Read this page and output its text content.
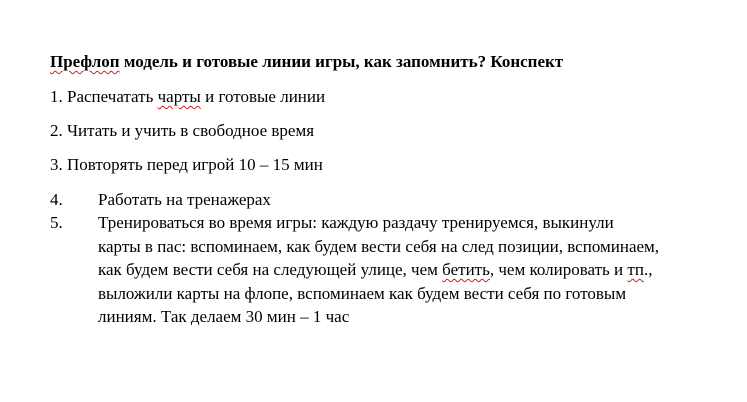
Префлоп модель и готовые линии игры, как запомнить? Конспект
1. Распечатать чарты и готовые линии
2. Читать и учить в свободное время
3. Повторять перед игрой 10 – 15 мин
4.	Работать на тренажерах
5.	Тренироваться во время игры: каждую раздачу тренируемся, выкинули
карты в пас: вспоминаем, как будем вести себя на след позиции, вспоминаем,
как будем вести себя на следующей улице, чем бетить, чем колировать и тп.,
выложили карты на флопе, вспоминаем как будем вести себя по готовым
линиям. Так делаем 30 мин – 1 час
